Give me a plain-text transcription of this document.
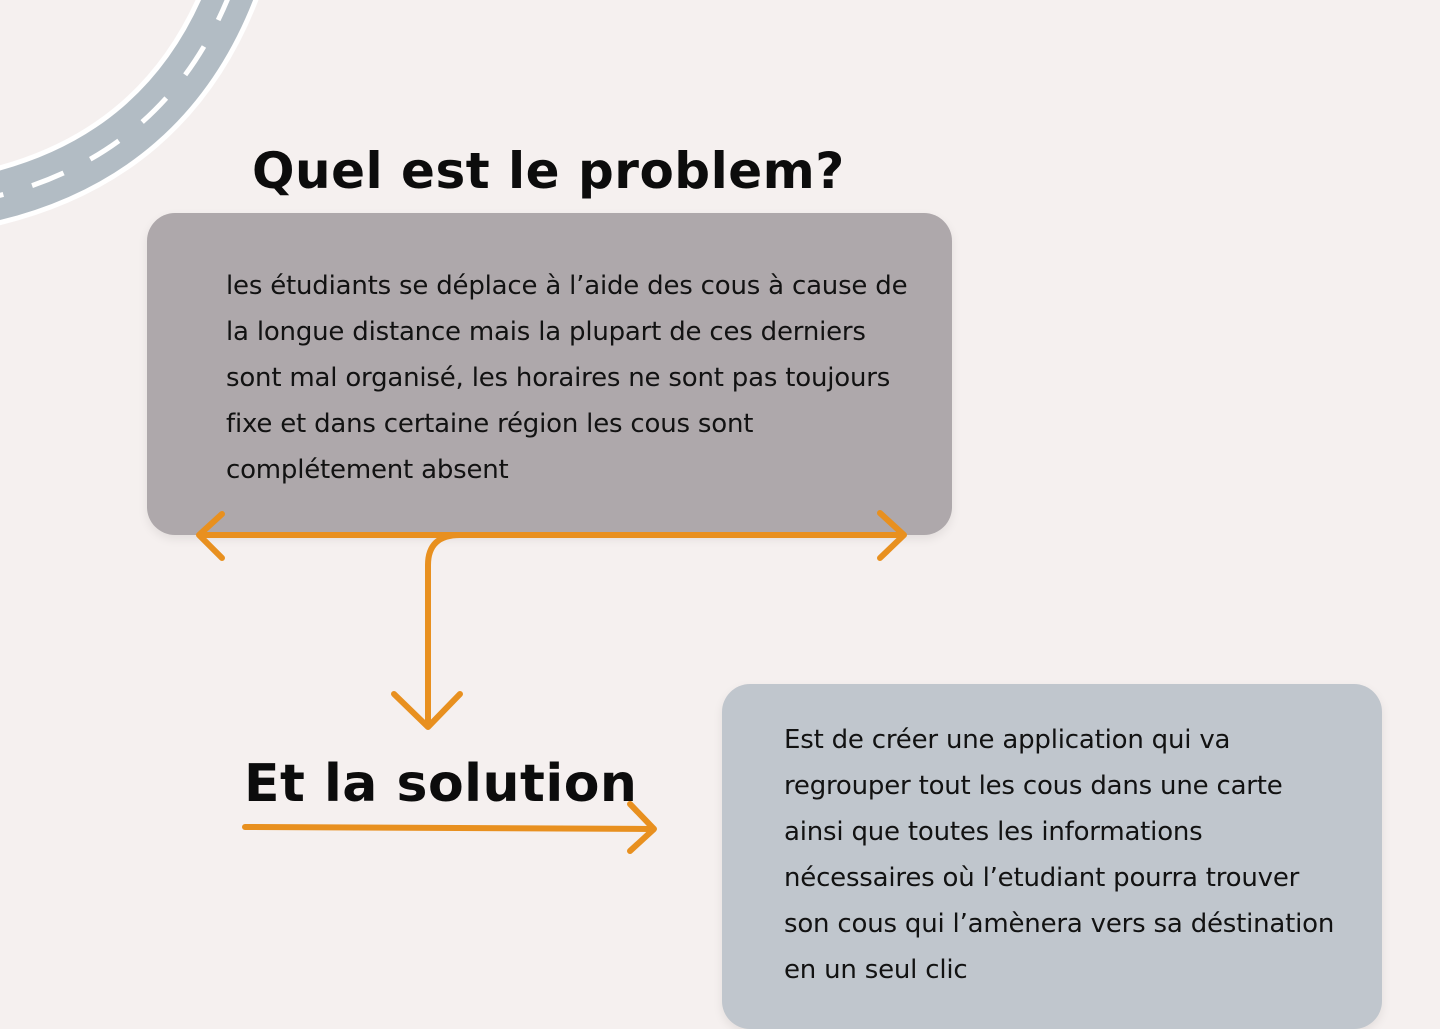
Quel est le problem?

les étudiants se déplace à l’aide des cous à cause de la longue distance mais la plupart de ces derniers sont mal organisé, les horaires ne sont pas toujours fixe et dans certaine région les cous sont complétement absent

Et la solution

Est de créer une application qui va regrouper tout les cous dans une carte ainsi que toutes les informations nécessaires où l’etudiant pourra trouver son cous qui l’amènera vers sa déstination en un seul clic
